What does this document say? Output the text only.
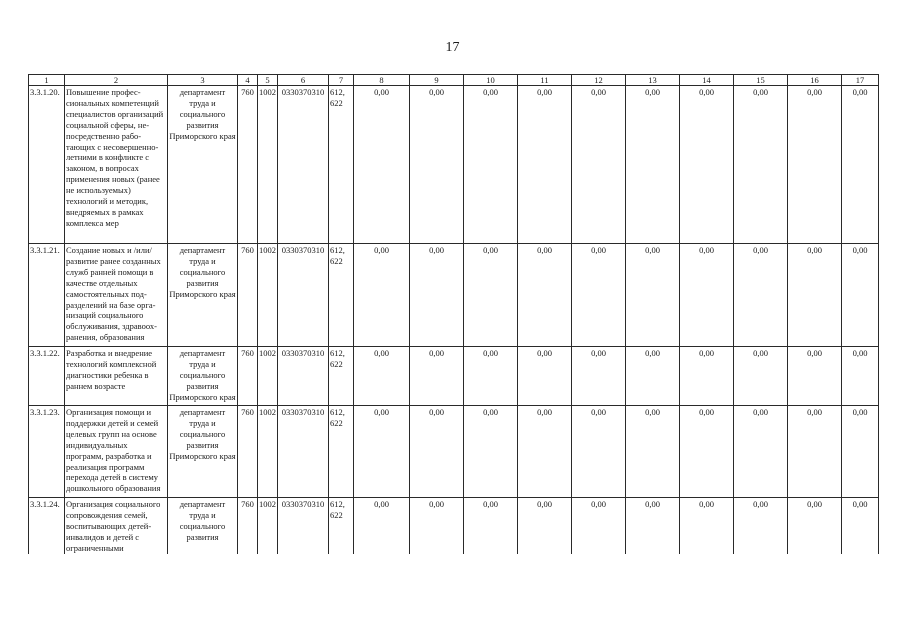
17
1	2	3	4	5	6	7	8	9	10	11	12	13	14	15	16	17
3.3.1.20.	Повышение профес-сиональных компетенций специалистов организаций социальной сферы, не-посредственно рабо-тающих с несовершенно-летними в конфликте с законом, в вопросах применения новых (ранее не используемых) технологий и методик, внедряемых в рамках комплекса мер	департамент труда и социального развития Приморского края	760	1002	0330370310	612, 622	0,00	0,00	0,00	0,00	0,00	0,00	0,00	0,00	0,00	0,00
3.3.1.21.	Создание новых и /или/ развитие ранее созданных служб ранней помощи в качестве отдельных самостоятельных под-разделений на базе орга-низаций социального обслуживания, здравоох-ранения, образования	департамент труда и социального развития Приморского края	760	1002	0330370310	612, 622	0,00	0,00	0,00	0,00	0,00	0,00	0,00	0,00	0,00	0,00
3.3.1.22.	Разработка и внедрение технологий комплексной диагностики ребенка в раннем возрасте	департамент труда и социального развития Приморского края	760	1002	0330370310	612, 622	0,00	0,00	0,00	0,00	0,00	0,00	0,00	0,00	0,00	0,00
3.3.1.23.	Организация помощи и поддержки детей и семей целевых групп на основе индивидуальных программ, разработка и реализация программ перехода детей в систему дошкольного образования	департамент труда и социального развития Приморского края	760	1002	0330370310	612, 622	0,00	0,00	0,00	0,00	0,00	0,00	0,00	0,00	0,00	0,00
3.3.1.24.	Организация социального сопровождения семей, воспитывающих детей-инвалидов и детей с ограниченными	департамент труда и социального развития	760	1002	0330370310	612, 622	0,00	0,00	0,00	0,00	0,00	0,00	0,00	0,00	0,00	0,00
